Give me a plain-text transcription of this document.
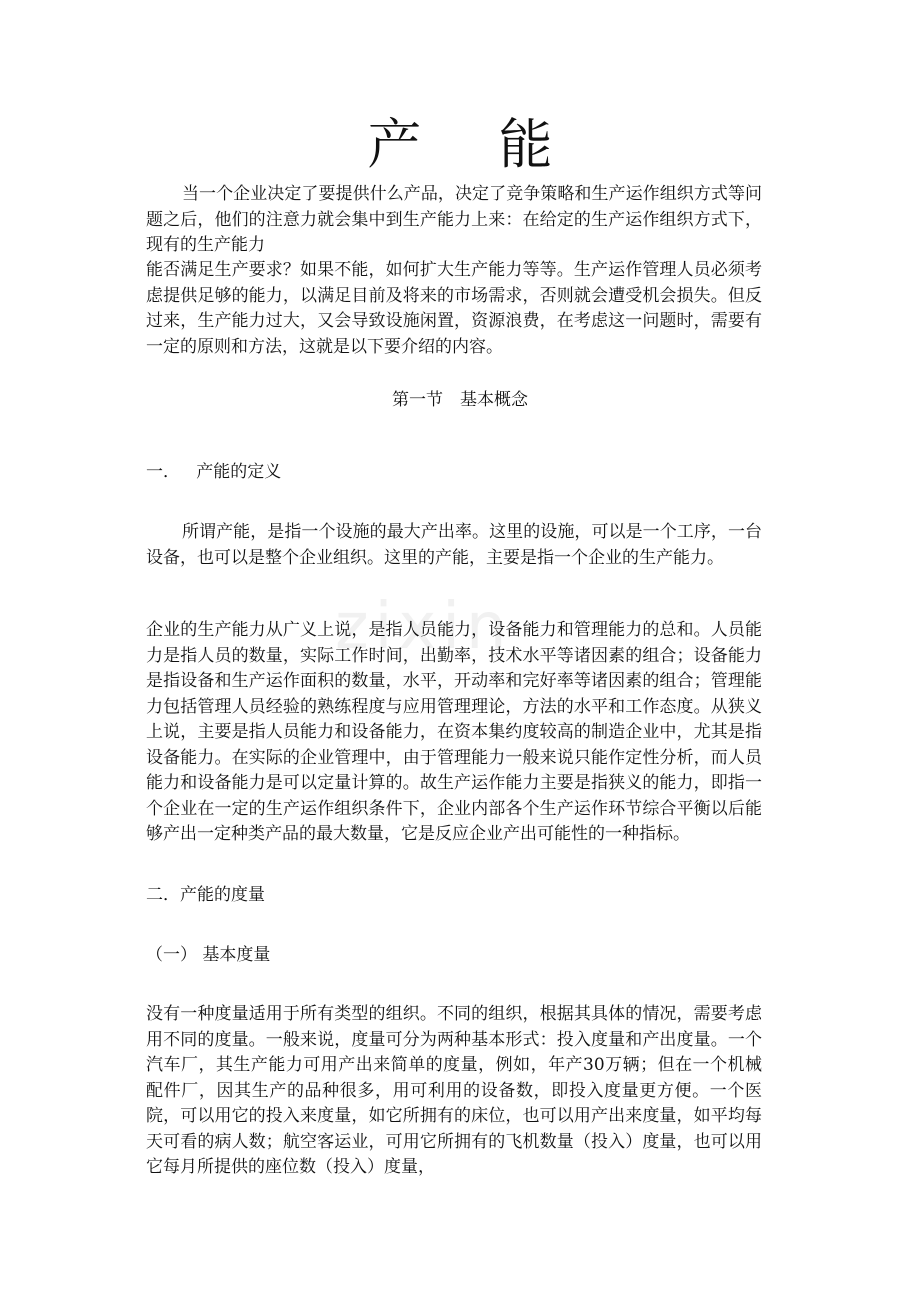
zixin
产 能

当一个企业决定了要提供什么产品，决定了竞争策略和生产运作组织方式等问题之后，他们的注意力就会集中到生产能力上来：在给定的生产运作组织方式下，现有的生产能力

能否满足生产要求？如果不能，如何扩大生产能力等等。生产运作管理人员必须考虑提供足够的能力，以满足目前及将来的市场需求，否则就会遭受机会损失。但反过来，生产能力过大，又会导致设施闲置，资源浪费，在考虑这一问题时，需要有一定的原则和方法，这就是以下要介绍的内容。

第一节　基本概念
一．   产能的定义

所谓产能，是指一个设施的最大产出率。这里的设施，可以是一个工序，一台设备，也可以是整个企业组织。这里的产能，主要是指一个企业的生产能力。

企业的生产能力从广义上说，是指人员能力，设备能力和管理能力的总和。人员能力是指人员的数量，实际工作时间，出勤率，技术水平等诸因素的组合；设备能力是指设备和生产运作面积的数量，水平，开动率和完好率等诸因素的组合；管理能力包括管理人员经验的熟练程度与应用管理理论，方法的水平和工作态度。从狭义上说，主要是指人员能力和设备能力，在资本集约度较高的制造企业中，尤其是指设备能力。在实际的企业管理中，由于管理能力一般来说只能作定性分析，而人员能力和设备能力是可以定量计算的。故生产运作能力主要是指狭义的能力，即指一个企业在一定的生产运作组织条件下，企业内部各个生产运作环节综合平衡以后能够产出一定种类产品的最大数量，它是反应企业产出可能性的一种指标。

二．产能的度量
（一） 基本度量

没有一种度量适用于所有类型的组织。不同的组织，根据其具体的情况，需要考虑用不同的度量。一般来说，度量可分为两种基本形式：投入度量和产出度量。一个汽车厂，其生产能力可用产出来简单的度量，例如，年产30万辆；但在一个机械配件厂，因其生产的品种很多，用可利用的设备数，即投入度量更方便。一个医院，可以用它的投入来度量，如它所拥有的床位，也可以用产出来度量，如平均每天可看的病人数；航空客运业，可用它所拥有的飞机数量（投入）度量，也可以用它每月所提供的座位数（投入）度量，
